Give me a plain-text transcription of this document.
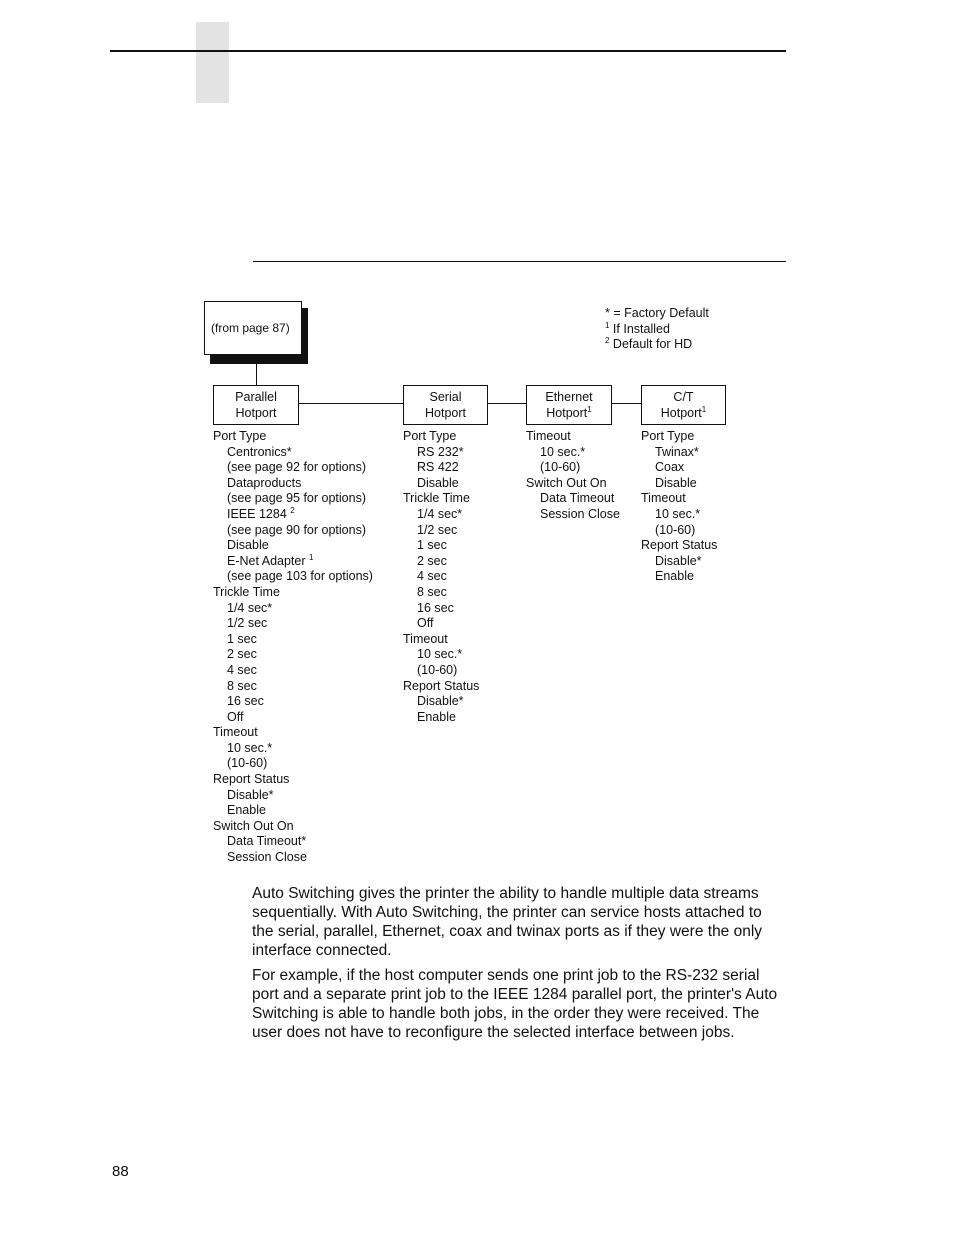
(from page 87)
* = Factory Default
$^1$ If Installed
$^2$ Default for HD
Parallel
Hotport
Serial
Hotport
Ethernet
Hotport$^1$
C/T
Hotport$^1$
Port Type
Centronics*
(see page 92 for options)
Dataproducts
(see page 95 for options)
IEEE 1284 $^2$
(see page 90 for options)
Disable
E-Net Adapter $^1$
(see page 103 for options)
Trickle Time
1/4 sec*
1/2 sec
1 sec
2 sec
4 sec
8 sec
16 sec
Off
Timeout
10 sec.*
(10-60)
Report Status
Disable*
Enable
Switch Out On
Data Timeout*
Session Close
Port Type
RS 232*
RS 422
Disable
Trickle Time
1/4 sec*
1/2 sec
1 sec
2 sec
4 sec
8 sec
16 sec
Off
Timeout
10 sec.*
(10-60)
Report Status
Disable*
Enable
Timeout
10 sec.*
(10-60)
Switch Out On
Data Timeout
Session Close
Port Type
Twinax*
Coax
Disable
Timeout
10 sec.*
(10-60)
Report Status
Disable*
Enable

Auto Switching gives the printer the ability to handle multiple data streams sequentially. With Auto Switching, the printer can service hosts attached to the serial, parallel, Ethernet, coax and twinax ports as if they were the only interface connected.

For example, if the host computer sends one print job to the RS-232 serial port and a separate print job to the IEEE 1284 parallel port, the printer's Auto Switching is able to handle both jobs, in the order they were received. The user does not have to reconfigure the selected interface between jobs.

88
